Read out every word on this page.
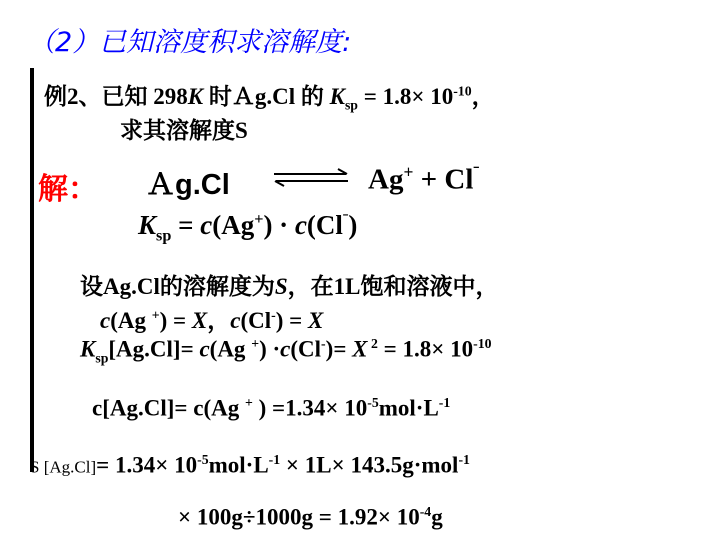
（2）已知溶度积求溶解度:
例2、已知 298K 时Ａg.Cl 的 $K_{sp} = 1.8\times 10^{-10}$，
求其溶解度S
解： Ａg.Cl	$Ag^+ + Cl^ˉ$
$K_{sp} = c(Ag^+) \cdot c(Cl^ˉ)$
设Ag.Cl的溶解度为S，在1L饱和溶液中，
c(Ag +) = X，c(Cl-) = X
$K_{sp}[Ag.Cl]= c(Ag$ +) ·c(Cl-)= X $^2 = 1.8\times 10^{-10}$
c[Ag.Cl]= c(Ag + ) $=1.34\times 10^{-5}mol\cdot L^{-1}$
S $[Ag.Cl]= 1.34\times 10^{-5}mol\cdot L^{-1} \times 1L\times 143.5g\cdot mol^{-1}$
× $100g\div 1000g = 1.92\times 10^{-4}g$
